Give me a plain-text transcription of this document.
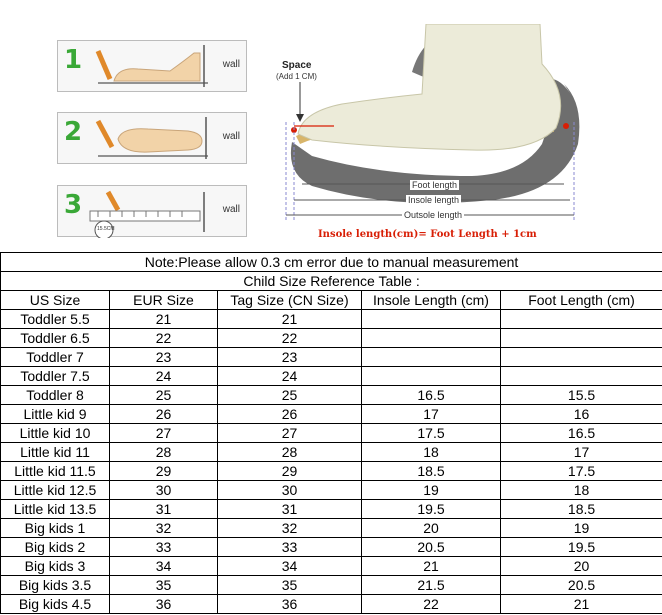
1	wall
2	wall
3
15.5CM
wall
Space
(Add 1 CM)
Foot length
Insole length
Outsole length
Insole length(cm)= Foot Length + 1cm
Note:Please allow 0.3 cm error due to manual measurement				
Child Size Reference Table :				
US Size	EUR Size	Tag Size (CN Size)	Insole Length (cm)	Foot Length (cm)
Toddler 5.5	21	21		
Toddler 6.5	22	22		
Toddler 7	23	23		
Toddler 7.5	24	24		
Toddler 8	25	25	16.5	15.5
Little kid 9	26	26	17	16
Little kid 10	27	27	17.5	16.5
Little kid 11	28	28	18	17
Little kid 11.5	29	29	18.5	17.5
Little kid 12.5	30	30	19	18
Little kid 13.5	31	31	19.5	18.5
Big kids 1	32	32	20	19
Big kids 2	33	33	20.5	19.5
Big kids 3	34	34	21	20
Big kids 3.5	35	35	21.5	20.5
Big kids 4.5	36	36	22	21
